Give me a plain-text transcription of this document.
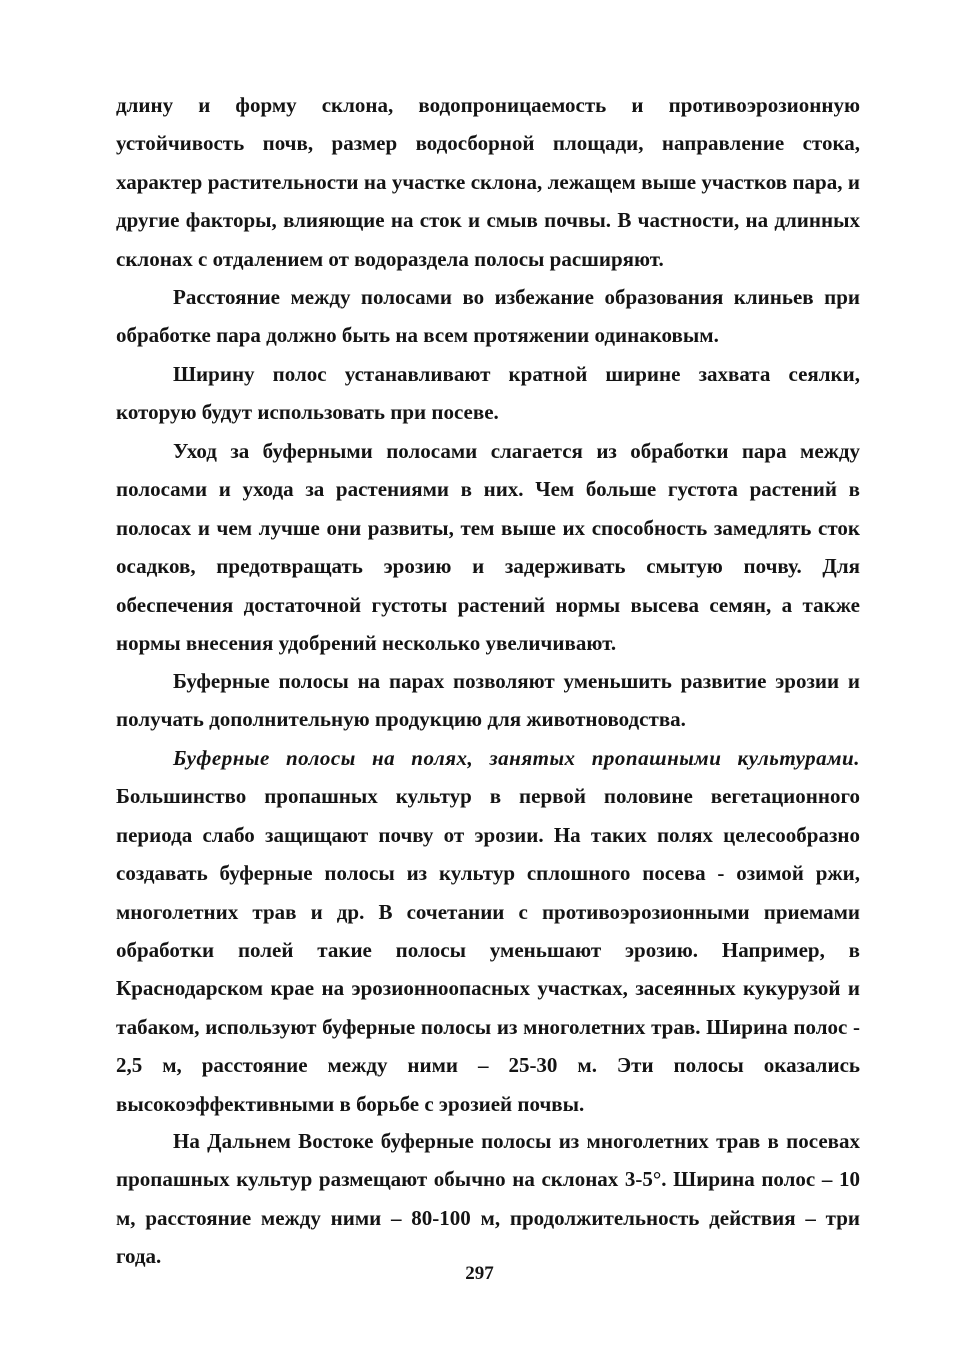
длину и форму склона, водопроницаемость и противоэрозионную устойчивость почв, размер водосборной площади, направление стока, характер растительности на участке склона, лежащем выше участков пара, и другие факторы, влияющие на сток и смыв почвы. В частности, на длинных склонах с отдалением от водораздела полосы расширяют.

Расстояние между полосами во избежание образования клиньев при обработке пара должно быть на всем протяжении одинаковым.

Ширину полос устанавливают кратной ширине захвата сеялки, которую будут использовать при посеве.

Уход за буферными полосами слагается из обработки пара между полосами и ухода за растениями в них. Чем больше густота растений в полосах и чем лучше они развиты, тем выше их способность замедлять сток осадков, предотвращать эрозию и задерживать смытую почву. Для обеспечения достаточной густоты растений нормы высева семян, а также нормы внесения удобрений несколько увеличивают.

Буферные полосы на парах позволяют уменьшить развитие эрозии и получать дополнительную продукцию для животноводства.

Буферные полосы на полях, занятых пропашными культурами. Большинство пропашных культур в первой половине вегетационного периода слабо защищают почву от эрозии. На таких полях целесообразно создавать буферные полосы из культур сплошного посева - озимой ржи, многолетних трав и др. В сочетании с противоэрозионными приемами обработки полей такие полосы уменьшают эрозию. Например, в Краснодарском крае на эрозионноопасных участках, засеянных кукурузой и табаком, используют буферные полосы из многолетних трав. Ширина полос - 2,5 м, расстояние между ними – 25-30 м. Эти полосы оказались высокоэффективными в борьбе с эрозией почвы.

На Дальнем Востоке буферные полосы из многолетних трав в посевах пропашных культур размещают обычно на склонах 3-5°. Ширина полос – 10 м, расстояние между ними – 80-100 м, продолжительность действия – три года.

297
